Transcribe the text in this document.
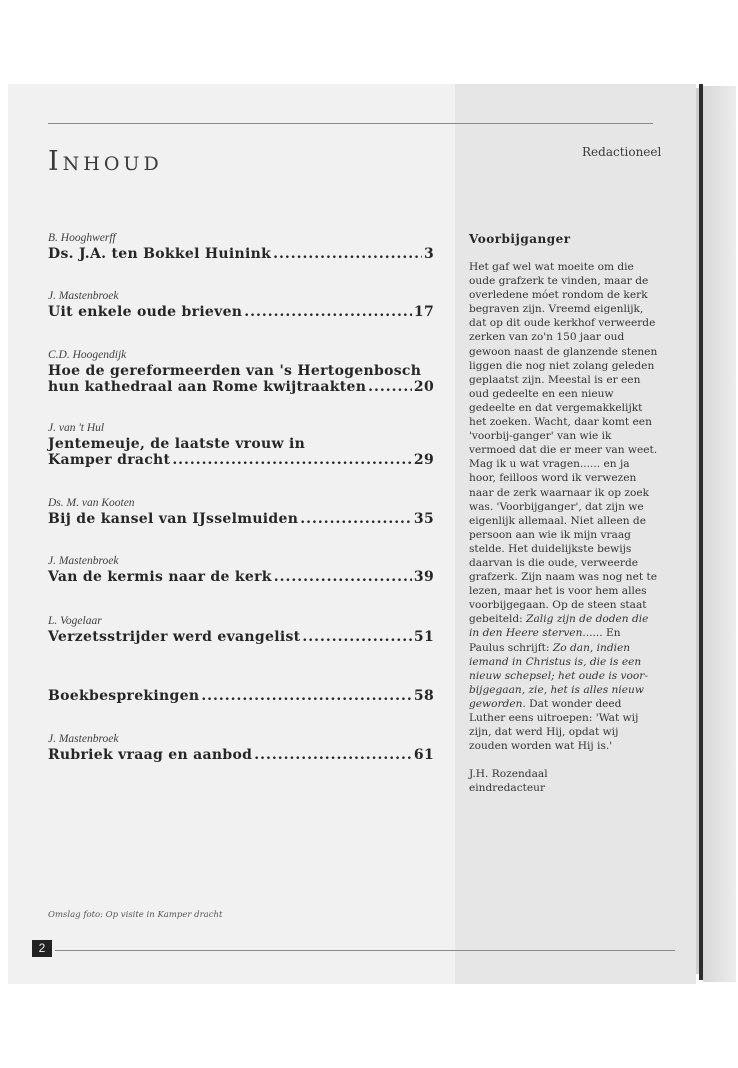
Inhoud	Redactioneel
B. Hooghwerff
Ds. J.A. ten Bokkel Huinink .....	3
J. Mastenbroek
Uit enkele oude brieven .....	17
C.D. Hoogendijk
Hoe de gereformeerden van 's Hertogenbosch
hun kathedraal aan Rome kwijtraakten .....	20
J. van 't Hul
Jentemeuje, de laatste vrouw in
Kamper dracht .....	29
Ds. M. van Kooten
Bij de kansel van IJsselmuiden .....	35
J. Mastenbroek
Van de kermis naar de kerk .....	39
L. Vogelaar
Verzetsstrijder werd evangelist .....	51
Boekbesprekingen .....	58
J. Mastenbroek
Rubriek vraag en aanbod .....	61
Voorbijganger
Het gaf wel wat moeite om die oude grafzerk te vinden, maar de overledene móet rondom de kerk begraven zijn. Vreemd eigenlijk, dat op dit oude kerkhof verweerde zerken van zo'n 150 jaar oud gewoon naast de glanzende stenen liggen die nog niet zolang geleden geplaatst zijn. Meestal is er een oud gedeelte en een nieuw gedeelte en dat vergemakkelijkt het zoeken. Wacht, daar komt een 'voorbij-ganger' van wie ik vermoed dat die er meer van weet. Mag ik u wat vragen...... en ja hoor, feilloos word ik verwezen naar de zerk waarnaar ik op zoek was. 'Voorbijganger', dat zijn we eigenlijk allemaal. Niet alleen de persoon aan wie ik mijn vraag stelde. Het duidelijkste bewijs daarvan is die oude, verweerde grafzerk. Zijn naam was nog net te lezen, maar het is voor hem alles voorbijgegaan. Op de steen staat gebeiteld: Zalig zijn de doden die in den Heere sterven...... En Paulus schrijft: Zo dan, indien iemand in Christus is, die is een nieuw schepsel; het oude is voor-bijgegaan, zie, het is alles nieuw geworden. Dat wonder deed Luther eens uitroepen: 'Wat wij zijn, dat werd Hij, opdat wij zouden worden wat Hij is.'
J.H. Rozendaal
eindredacteur
Omslag foto: Op visite in Kamper dracht
2
